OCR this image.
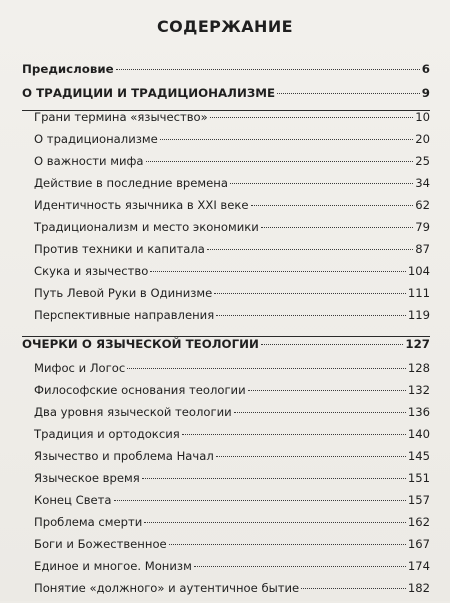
СОДЕРЖАНИЕ
Предисловие	6
О ТРАДИЦИИ И ТРАДИЦИОНАЛИЗМЕ	9
Грани термина «язычество»	10
О традиционализме	20
О важности мифа	25
Действие в последние времена	34
Идентичность язычника в XXI веке	62
Традиционализм и место экономики	79
Против техники и капитала	87
Скука и язычество	104
Путь Левой Руки в Одинизме	111
Перспективные направления	119
ОЧЕРКИ О ЯЗЫЧЕСКОЙ ТЕОЛОГИИ	127
Мифос и Логос	128
Философские основания теологии	132
Два уровня языческой теологии	136
Традиция и ортодоксия	140
Язычество и проблема Начал	145
Языческое время	151
Конец Света	157
Проблема смерти	162
Боги и Божественное	167
Единое и многое. Монизм	174
Понятие «должного» и аутентичное бытие	182
